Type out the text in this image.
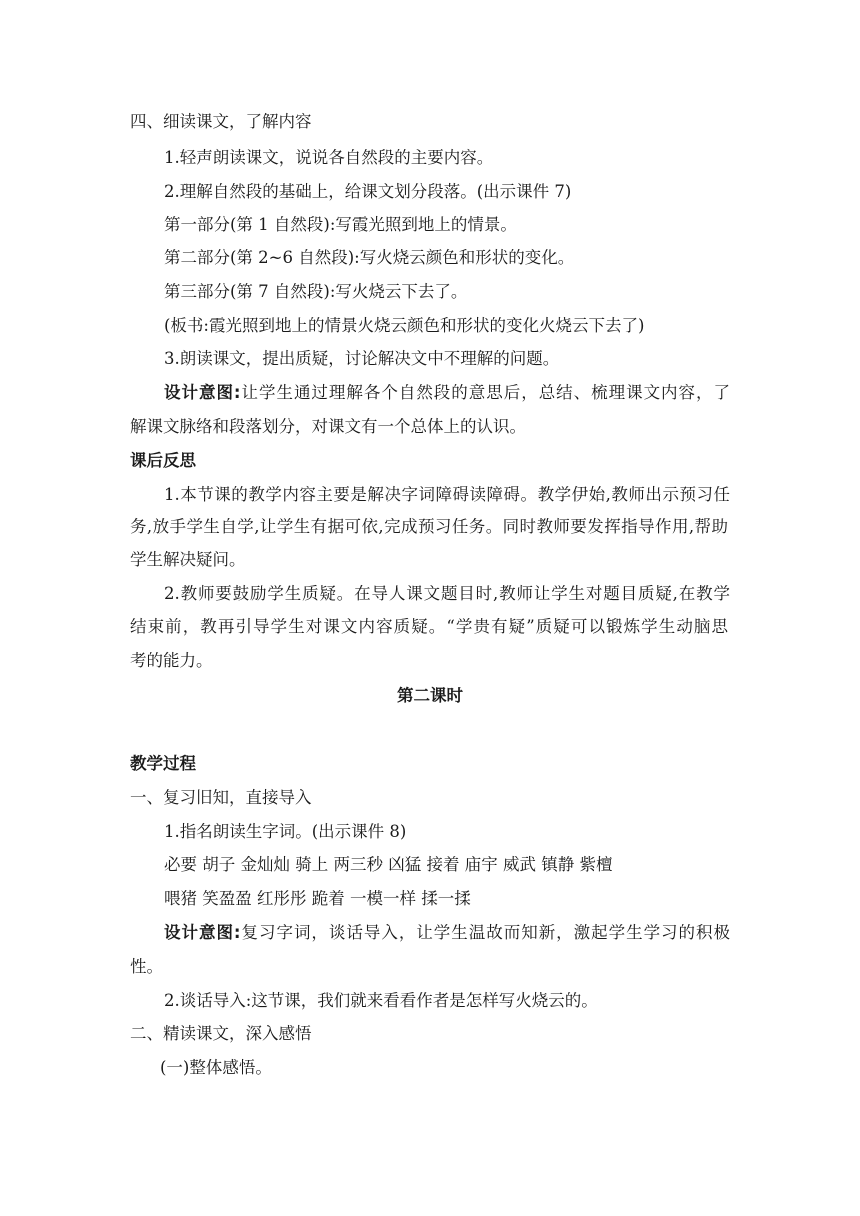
四、细读课文，了解内容
1.轻声朗读课文，说说各自然段的主要内容。
2.理解自然段的基础上，给课文划分段落。(出示课件 7)
第一部分(第 1 自然段):写霞光照到地上的情景。
第二部分(第 2~6 自然段):写火烧云颜色和形状的变化。
第三部分(第 7 自然段):写火烧云下去了。
(板书:霞光照到地上的情景火烧云颜色和形状的变化火烧云下去了)
3.朗读课文，提出质疑，讨论解决文中不理解的问题。
设计意图:让学生通过理解各个自然段的意思后，总结、梳理课文内容，了
解课文脉络和段落划分，对课文有一个总体上的认识。
课后反思
1.本节课的教学内容主要是解决字词障碍读障碍。教学伊始,教师出示预习任
务,放手学生自学,让学生有据可依,完成预习任务。同时教师要发挥指导作用,帮助
学生解决疑问。
2.教师要鼓励学生质疑。在导人课文题目时,教师让学生对题目质疑,在教学
结束前，教再引导学生对课文内容质疑。“学贵有疑”质疑可以锻炼学生动脑思
考的能力。
第二课时
教学过程
一、复习旧知，直接导入
1.指名朗读生字词。(出示课件 8)
必要 胡子 金灿灿 骑上 两三秒 凶猛 接着 庙宇 威武 镇静 紫檀
喂猪 笑盈盈 红彤彤 跪着 一模一样 揉一揉
设计意图:复习字词，谈话导入，让学生温故而知新，激起学生学习的积极
性。
2.谈话导入:这节课，我们就来看看作者是怎样写火烧云的。
二、精读课文，深入感悟
(一)整体感悟。
